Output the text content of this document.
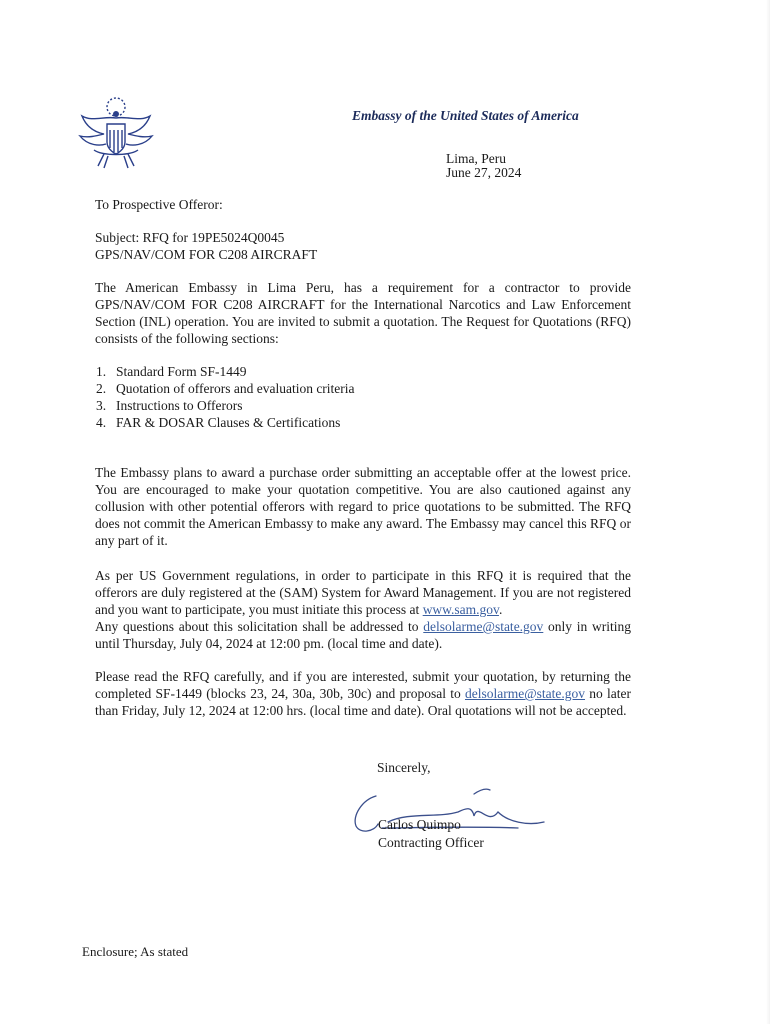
Embassy of the United States of America
Lima, Peru
June 27, 2024
To Prospective Offeror:
Subject: RFQ for 19PE5024Q0045
GPS/NAV/COM FOR C208 AIRCRAFT
The American Embassy in Lima Peru, has a requirement for a contractor to provide GPS/NAV/COM FOR C208 AIRCRAFT for the International Narcotics and Law Enforcement Section (INL) operation. You are invited to submit a quotation. The Request for Quotations (RFQ) consists of the following sections:
1. Standard Form SF-1449
2. Quotation of offerors and evaluation criteria
3. Instructions to Offerors
4. FAR & DOSAR Clauses & Certifications
The Embassy plans to award a purchase order submitting an acceptable offer at the lowest price. You are encouraged to make your quotation competitive. You are also cautioned against any collusion with other potential offerors with regard to price quotations to be submitted. The RFQ does not commit the American Embassy to make any award. The Embassy may cancel this RFQ or any part of it.
As per US Government regulations, in order to participate in this RFQ it is required that the offerors are duly registered at the (SAM) System for Award Management. If you are not registered and you want to participate, you must initiate this process at www.sam.gov.
Any questions about this solicitation shall be addressed to delsolarme@state.gov only in writing until Thursday, July 04, 2024 at 12:00 pm. (local time and date).
Please read the RFQ carefully, and if you are interested, submit your quotation, by returning the completed SF-1449 (blocks 23, 24, 30a, 30b, 30c) and proposal to delsolarme@state.gov no later than Friday, July 12, 2024 at 12:00 hrs. (local time and date). Oral quotations will not be accepted.
Sincerely,
Carlos Quimpo
Contracting Officer
Enclosure; As stated
